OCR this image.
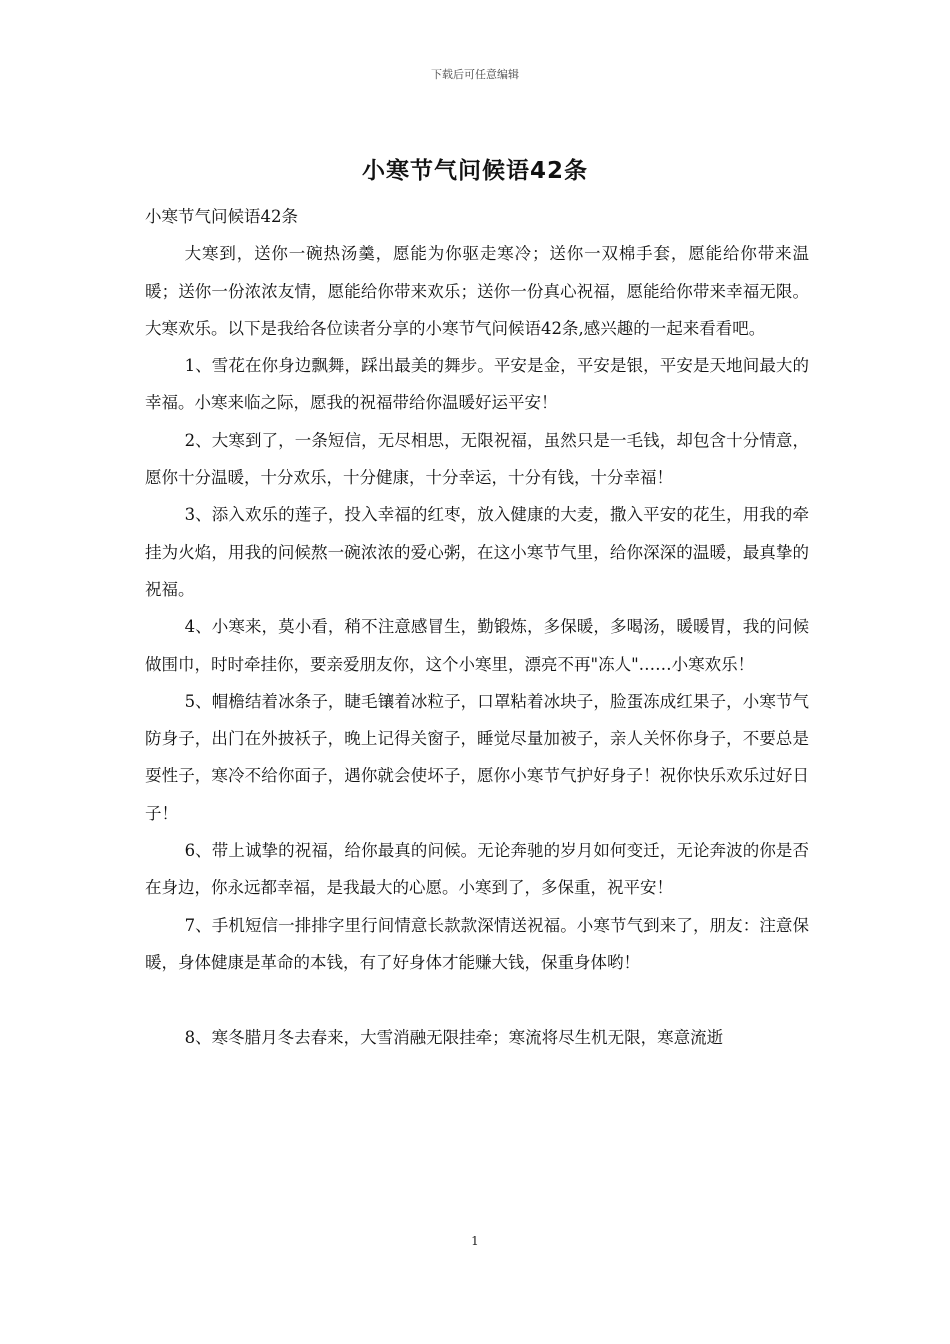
下载后可任意编辑
小寒节气问候语42条

小寒节气问候语42条

大寒到，送你一碗热汤羹，愿能为你驱走寒冷；送你一双棉手套，愿能给你带来温暖；送你一份浓浓友情，愿能给你带来欢乐；送你一份真心祝福，愿能给你带来幸福无限。大寒欢乐。以下是我给各位读者分享的小寒节气问候语42条,感兴趣的一起来看看吧。

1、雪花在你身边飘舞，踩出最美的舞步。平安是金，平安是银，平安是天地间最大的幸福。小寒来临之际，愿我的祝福带给你温暖好运平安！

2、大寒到了，一条短信，无尽相思，无限祝福，虽然只是一毛钱，却包含十分情意，愿你十分温暖，十分欢乐，十分健康，十分幸运，十分有钱，十分幸福！

3、添入欢乐的莲子，投入幸福的红枣，放入健康的大麦，撒入平安的花生，用我的牵挂为火焰，用我的问候熬一碗浓浓的爱心粥，在这小寒节气里，给你深深的温暖，最真挚的祝福。

4、小寒来，莫小看，稍不注意感冒生，勤锻炼，多保暖，多喝汤，暖暖胃，我的问候做围巾，时时牵挂你，要亲爱朋友你，这个小寒里，漂亮不再"冻人"……小寒欢乐！

5、帽檐结着冰条子，睫毛镶着冰粒子，口罩粘着冰块子，脸蛋冻成红果子，小寒节气防身子，出门在外披袄子，晚上记得关窗子，睡觉尽量加被子，亲人关怀你身子，不要总是耍性子，寒冷不给你面子，遇你就会使坏子，愿你小寒节气护好身子！祝你快乐欢乐过好日子！

6、带上诚挚的祝福，给你最真的问候。无论奔驰的岁月如何变迁，无论奔波的你是否在身边，你永远都幸福，是我最大的心愿。小寒到了，多保重，祝平安！

7、手机短信一排排字里行间情意长款款深情送祝福。小寒节气到来了，朋友：注意保暖，身体健康是革命的本钱，有了好身体才能赚大钱，保重身体哟！

8、寒冬腊月冬去春来，大雪消融无限挂牵；寒流将尽生机无限，寒意流逝

1
